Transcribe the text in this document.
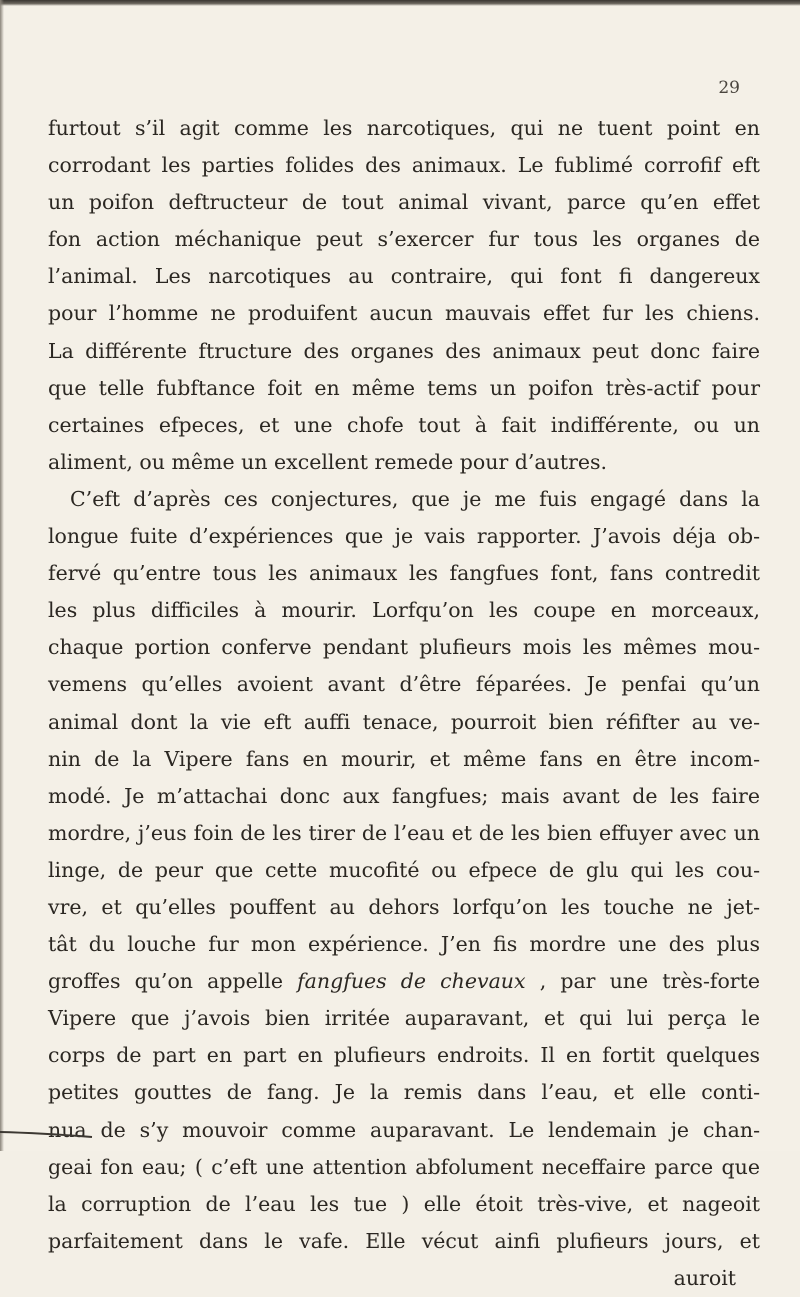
29
furtout s’il agit comme les narcotiques, qui ne tuent point en
corrodant les parties folides des animaux. Le fublimé corrofif eft
un poifon deftructeur de tout animal vivant, parce qu’en effet
fon action méchanique peut s’exercer fur tous les organes de
l’animal. Les narcotiques au contraire, qui font fi dangereux
pour l’homme ne produifent aucun mauvais effet fur les chiens.
La différente ftructure des organes des animaux peut donc faire
que telle fubftance foit en même tems un poifon très-actif pour
certaines efpeces, et une chofe tout à fait indifférente, ou un
aliment, ou même un excellent remede pour d’autres.
C’eft d’après ces conjectures, que je me fuis engagé dans la
longue fuite d’expériences que je vais rapporter. J’avois déja ob-
fervé qu’entre tous les animaux les fangfues font, fans contredit
les plus difficiles à mourir. Lorfqu’on les coupe en morceaux,
chaque portion conferve pendant plufieurs mois les mêmes mou-
vemens qu’elles avoient avant d’être féparées. Je penfai qu’un
animal dont la vie eft auffi tenace, pourroit bien réfifter au ve-
nin de la Vipere fans en mourir, et même fans en être incom-
modé. Je m’attachai donc aux fangfues; mais avant de les faire
mordre, j’eus foin de les tirer de l’eau et de les bien effuyer avec un
linge, de peur que cette mucofité ou efpece de glu qui les cou-
vre, et qu’elles pouffent au dehors lorfqu’on les touche ne jet-
tât du louche fur mon expérience. J’en fis mordre une des plus
groffes qu’on appelle fangfues de chevaux , par une très-forte
Vipere que j’avois bien irritée auparavant, et qui lui perça le
corps de part en part en plufieurs endroits. Il en fortit quelques
petites gouttes de fang. Je la remis dans l’eau, et elle conti-
nua de s’y mouvoir comme auparavant. Le lendemain je chan-
geai fon eau; ( c’eft une attention abfolument neceffaire parce que
la corruption de l’eau les tue ) elle étoit très-vive, et nageoit
parfaitement dans le vafe. Elle vécut ainfi plufieurs jours, et
auroit
